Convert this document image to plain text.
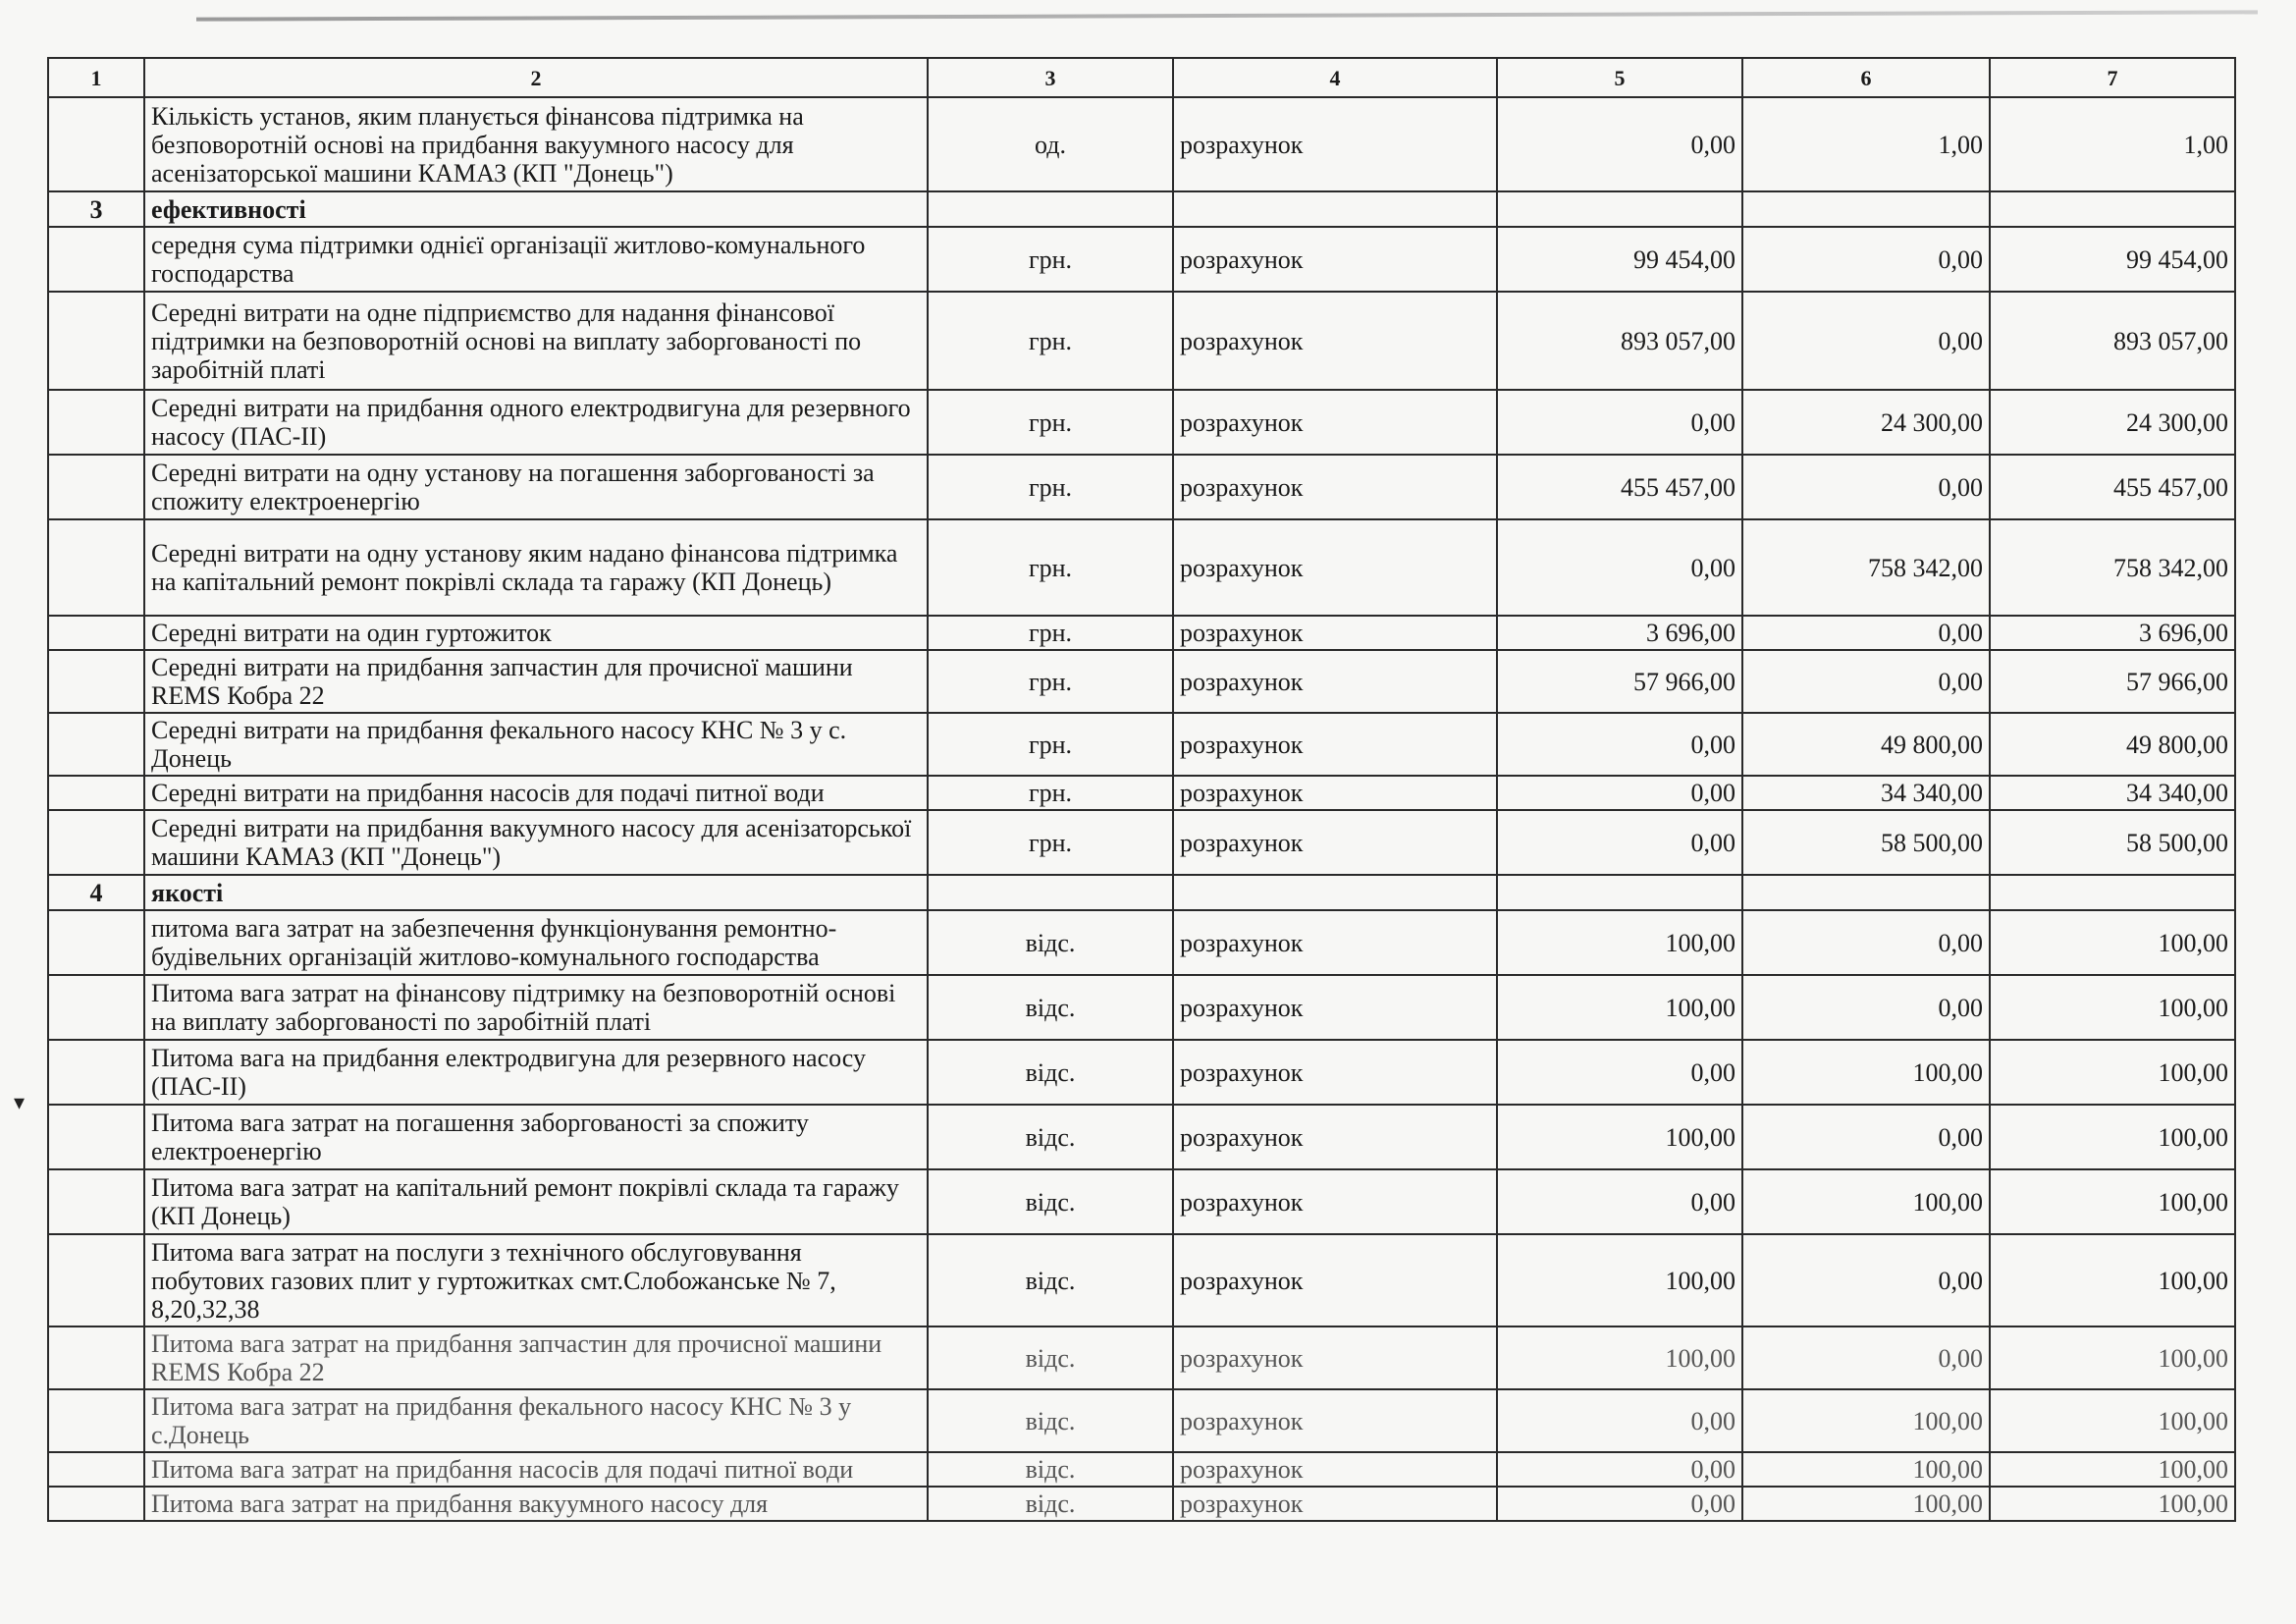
▾
1	2	3	4	5	6	7
	Кількість установ, яким планується фінансова підтримка на безповоротній основі на придбання вакуумного насосу для асенізаторської машини КАМАЗ (КП "Донець")	од.	розрахунок	0,00	1,00	1,00
3	ефективності					
	середня сума підтримки однієї організації житлово-комунального господарства	грн.	розрахунок	99 454,00	0,00	99 454,00
	Середні витрати на одне підприємство для надання фінансової підтримки на безповоротній основі на виплату заборгованості по заробітній платі	грн.	розрахунок	893 057,00	0,00	893 057,00
	Середні витрати на придбання одного електродвигуна для резервного насосу (ПАС-ІІ)	грн.	розрахунок	0,00	24 300,00	24 300,00
	Середні витрати на одну установу на погашення заборгованості за спожиту електроенергію	грн.	розрахунок	455 457,00	0,00	455 457,00
	Середні витрати на одну установу яким надано фінансова підтримка на капітальний ремонт покрівлі склада та гаражу (КП Донець)	грн.	розрахунок	0,00	758 342,00	758 342,00
	Середні витрати на один гуртожиток	грн.	розрахунок	3 696,00	0,00	3 696,00
	Середні витрати на придбання запчастин для прочисної машини REMS Кобра 22	грн.	розрахунок	57 966,00	0,00	57 966,00
	Середні витрати на придбання фекального насосу КНС № 3 у с. Донець	грн.	розрахунок	0,00	49 800,00	49 800,00
	Середні витрати на придбання насосів для подачі питної води	грн.	розрахунок	0,00	34 340,00	34 340,00
	Середні витрати на придбання вакуумного насосу для асенізаторської машини КАМАЗ (КП "Донець")	грн.	розрахунок	0,00	58 500,00	58 500,00
4	якості					
	питома вага затрат на забезпечення функціонування ремонтно-будівельних організацій житлово-комунального господарства	відс.	розрахунок	100,00	0,00	100,00
	Питома вага затрат на фінансову підтримку на безповоротній основі на виплату заборгованості по заробітній платі	відс.	розрахунок	100,00	0,00	100,00
	Питома вага на придбання електродвигуна для резервного насосу (ПАС-ІІ)	відс.	розрахунок	0,00	100,00	100,00
	Питома вага затрат на погашення заборгованості за спожиту електроенергію	відс.	розрахунок	100,00	0,00	100,00
	Питома вага затрат на капітальний ремонт покрівлі склада та гаражу (КП Донець)	відс.	розрахунок	0,00	100,00	100,00
	Питома вага затрат на послуги з технічного обслуговування побутових газових плит у гуртожитках смт.Слобожанське № 7, 8,20,32,38	відс.	розрахунок	100,00	0,00	100,00
	Питома вага затрат на придбання запчастин для прочисної машини REMS Кобра 22	відс.	розрахунок	100,00	0,00	100,00
	Питома вага затрат на придбання фекального насосу КНС № 3 у с.Донець	відс.	розрахунок	0,00	100,00	100,00
	Питома вага затрат на придбання насосів для подачі питної води	відс.	розрахунок	0,00	100,00	100,00
	Питома вага затрат на придбання вакуумного насосу для	відс.	розрахунок	0,00	100,00	100,00
